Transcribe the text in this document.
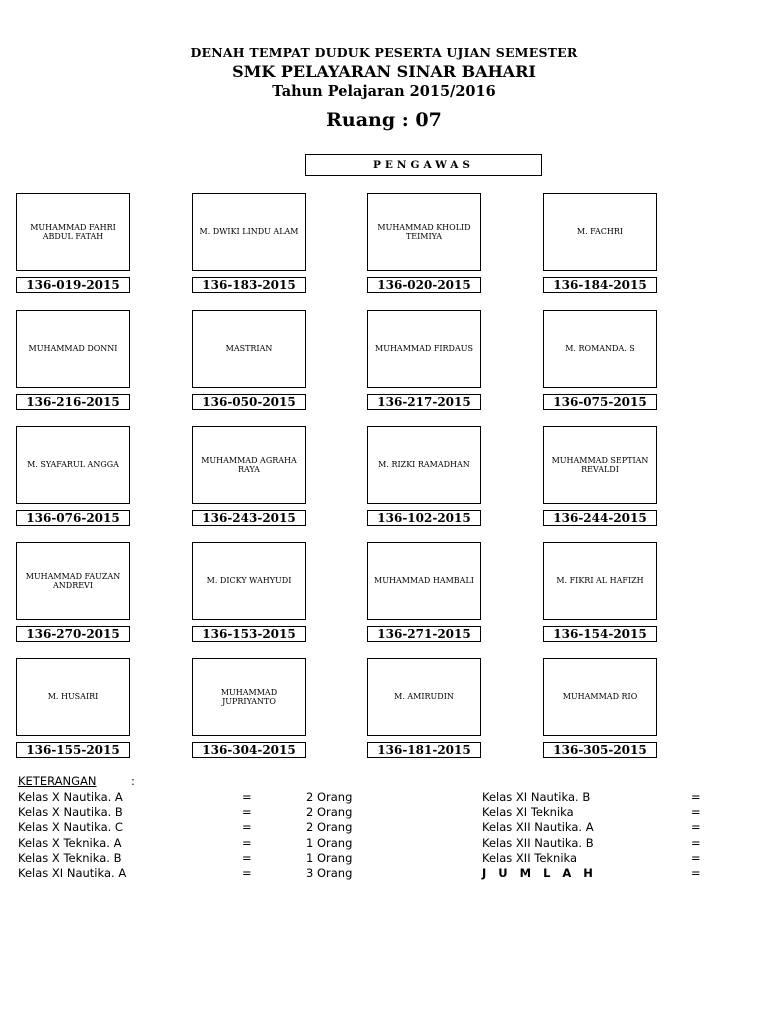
DENAH TEMPAT DUDUK PESERTA UJIAN SEMESTER
SMK PELAYARAN SINAR BAHARI
Tahun Pelajaran 2015/2016
Ruang : 07
PENGAWAS
MUHAMMAD FAHRI ABDUL FATAH
136-019-2015
M. DWIKI LINDU ALAM
136-183-2015
MUHAMMAD KHOLID TEIMIYA
136-020-2015
M. FACHRI
136-184-2015
MUHAMMAD DONNI
136-216-2015
MASTRIAN
136-050-2015
MUHAMMAD FIRDAUS
136-217-2015
M. ROMANDA. S
136-075-2015
M. SYAFARUL ANGGA
136-076-2015
MUHAMMAD AGRAHA RAYA
136-243-2015
M. RIZKI RAMADHAN
136-102-2015
MUHAMMAD SEPTIAN REVALDI
136-244-2015
MUHAMMAD FAUZAN ANDREVI
136-270-2015
M. DICKY WAHYUDI
136-153-2015
MUHAMMAD HAMBALI
136-271-2015
M. FIKRI AL HAFIZH
136-154-2015
M. HUSAIRI
136-155-2015
MUHAMMAD JUPRIYANTO
136-304-2015
M. AMIRUDIN
136-181-2015
MUHAMMAD RIO
136-305-2015
KETERANGAN	:
Kelas X Nautika. A	=	2 Orang
Kelas X Nautika. B	=	2 Orang
Kelas X Nautika. C	=	2 Orang
Kelas X Teknika. A	=	1 Orang
Kelas X Teknika. B	=	1 Orang
Kelas XI Nautika. A	=	3 Orang
Kelas XI Nautika. B	=
Kelas XI Teknika	=
Kelas XII Nautika. A	=
Kelas XII Nautika. B	=
Kelas XII Teknika	=
J U M L A H	=
